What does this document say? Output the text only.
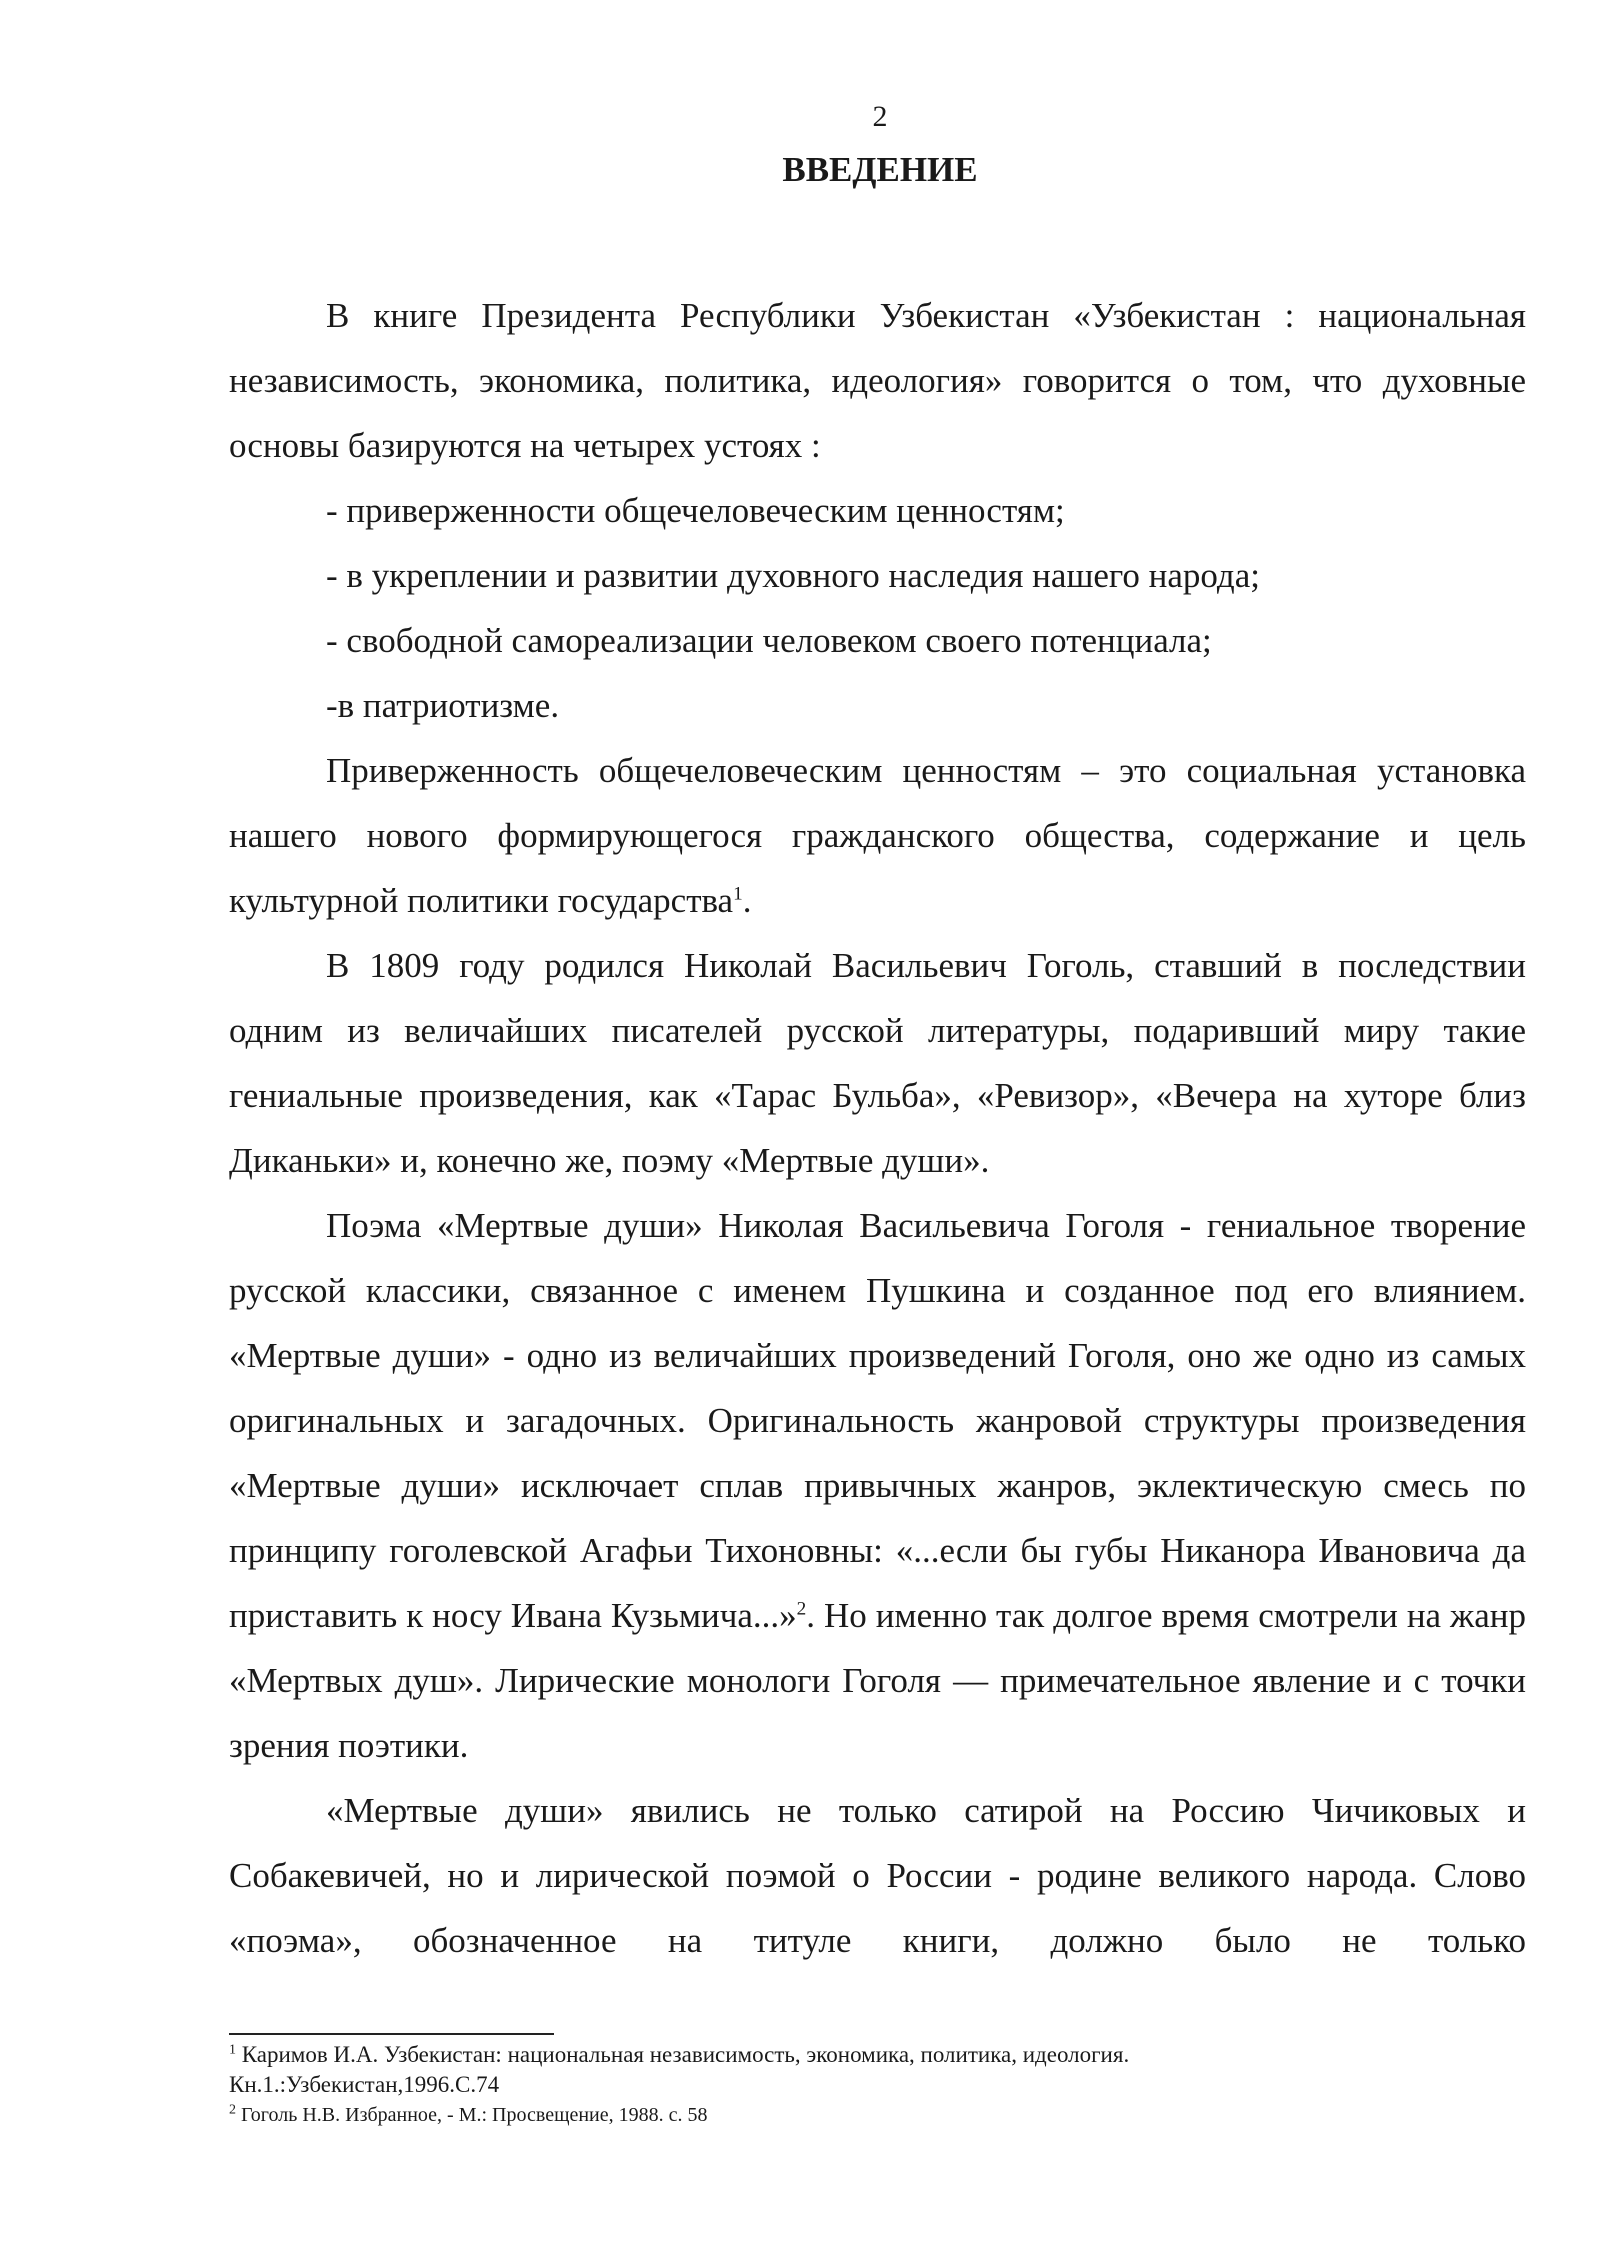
2
ВВЕДЕНИЕ

В книге Президента Республики Узбекистан «Узбекистан : национальная независимость, экономика, политика, идеология» говорится о том, что духовные основы базируются на четырех устоях :

- приверженности общечеловеческим ценностям;

- в укреплении и развитии духовного наследия нашего народа;

- свободной самореализации человеком своего потенциала;

-в патриотизме.

Приверженность общечеловеческим ценностям – это социальная установка нашего нового формирующегося гражданского общества, содержание и цель культурной политики государства$^1$.

В 1809 году родился Николай Васильевич Гоголь, ставший в последствии одним из величайших писателей русской литературы, подаривший миру такие гениальные произведения, как «Тарас Бульба», «Ревизор», «Вечера на хуторе близ Диканьки» и, конечно же, поэму «Мертвые души».

Поэма «Мертвые души» Николая Васильевича Гоголя - гениальное творение русской классики, связанное с именем Пушкина и созданное под его влиянием. «Мертвые души» - одно из величайших произведений Гоголя, оно же одно из самых оригинальных и загадочных. Оригинальность жанровой структуры произведения «Мертвые души» исключает сплав привычных жанров, эклектическую смесь по принципу гоголевской Агафьи Тихоновны: «...если бы губы Никанора Ивановича да приставить к носу Ивана Кузьмича...»$^2$. Но именно так долгое время смотрели на жанр «Мертвых душ». Лирические монологи Гоголя — примечательное явление и с точки зрения поэтики.

«Мертвые души» явились не только сатирой на Россию Чичиковых и Собакевичей, но и лирической поэмой о России - родине великого народа. Слово «поэма», обозначенное на титуле книги, должно было не только

$^1$ Каримов И.А. Узбекистан: национальная независимость, экономика, политика, идеология.

Кн.1.:Узбекистан,1996.С.74

$^2$ Гоголь Н.В. Избранное, - М.: Просвещение, 1988. с. 58
